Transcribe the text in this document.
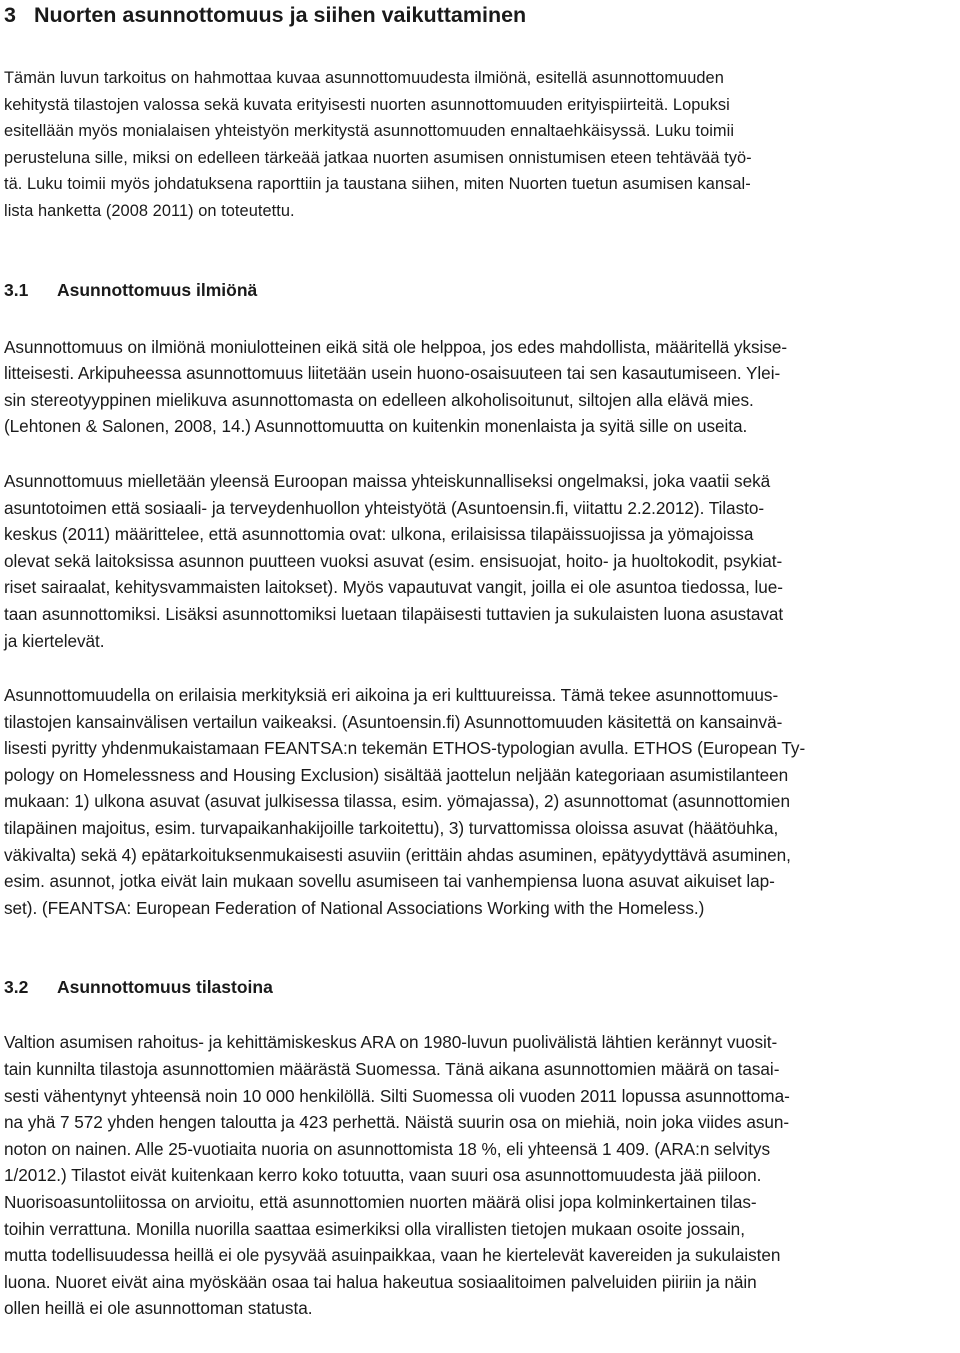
3 Nuorten asunnottomuus ja siihen vaikuttaminen
Tämän luvun tarkoitus on hahmottaa kuvaa asunnottomuudesta ilmiönä, esitellä asunnottomuuden
kehitystä tilastojen valossa sekä kuvata erityisesti nuorten asunnottomuuden erityispiirteitä. Lopuksi
esitellään myös monialaisen yhteistyön merkitystä asunnottomuuden ennaltaehkäisyssä. Luku toimii
perusteluna sille, miksi on edelleen tärkeää jatkaa nuorten asumisen onnistumisen eteen tehtävää työ-
tä. Luku toimii myös johdatuksena raporttiin ja taustana siihen, miten Nuorten tuetun asumisen kansal-
lista hanketta (2008 2011) on toteutettu.
3.1 Asunnottomuus ilmiönä
Asunnottomuus on ilmiönä moniulotteinen eikä sitä ole helppoa, jos edes mahdollista, määritellä yksise-
litteisesti. Arkipuheessa asunnottomuus liitetään usein huono-osaisuuteen tai sen kasautumiseen. Ylei-
sin stereotyyppinen mielikuva asunnottomasta on edelleen alkoholisoitunut, siltojen alla elävä mies.
(Lehtonen & Salonen, 2008, 14.) Asunnottomuutta on kuitenkin monenlaista ja syitä sille on useita.
Asunnottomuus mielletään yleensä Euroopan maissa yhteiskunnalliseksi ongelmaksi, joka vaatii sekä
asuntotoimen että sosiaali- ja terveydenhuollon yhteistyötä (Asuntoensin.fi, viitattu 2.2.2012). Tilasto-
keskus (2011) määrittelee, että asunnottomia ovat: ulkona, erilaisissa tilapäissuojissa ja yömajoissa
olevat sekä laitoksissa asunnon puutteen vuoksi asuvat (esim. ensisuojat, hoito- ja huoltokodit, psykiat-
riset sairaalat, kehitysvammaisten laitokset). Myös vapautuvat vangit, joilla ei ole asuntoa tiedossa, lue-
taan asunnottomiksi. Lisäksi asunnottomiksi luetaan tilapäisesti tuttavien ja sukulaisten luona asustavat
ja kiertelevät.
Asunnottomuudella on erilaisia merkityksiä eri aikoina ja eri kulttuureissa. Tämä tekee asunnottomuus-
tilastojen kansainvälisen vertailun vaikeaksi. (Asuntoensin.fi) Asunnottomuuden käsitettä on kansainvä-
lisesti pyritty yhdenmukaistamaan FEANTSA:n tekemän ETHOS-typologian avulla. ETHOS (European Ty-
pology on Homelessness and Housing Exclusion) sisältää jaottelun neljään kategoriaan asumistilanteen
mukaan: 1) ulkona asuvat (asuvat julkisessa tilassa, esim. yömajassa), 2) asunnottomat (asunnottomien
tilapäinen majoitus, esim. turvapaikanhakijoille tarkoitettu), 3) turvattomissa oloissa asuvat (häätöuhka,
väkivalta) sekä 4) epätarkoituksenmukaisesti asuviin (erittäin ahdas asuminen, epätyydyttävä asuminen,
esim. asunnot, jotka eivät lain mukaan sovellu asumiseen tai vanhempiensa luona asuvat aikuiset lap-
set). (FEANTSA: European Federation of National Associations Working with the Homeless.)
3.2 Asunnottomuus tilastoina
Valtion asumisen rahoitus- ja kehittämiskeskus ARA on 1980-luvun puolivälistä lähtien kerännyt vuosit-
tain kunnilta tilastoja asunnottomien määrästä Suomessa. Tänä aikana asunnottomien määrä on tasai-
sesti vähentynyt yhteensä noin 10 000 henkilöllä. Silti Suomessa oli vuoden 2011 lopussa asunnottoma-
na yhä 7 572 yhden hengen taloutta ja 423 perhettä. Näistä suurin osa on miehiä, noin joka viides asun-
noton on nainen. Alle 25-vuotiaita nuoria on asunnottomista 18 %, eli yhteensä 1 409. (ARA:n selvitys
1/2012.) Tilastot eivät kuitenkaan kerro koko totuutta, vaan suuri osa asunnottomuudesta jää piiloon.
Nuorisoasuntoliitossa on arvioitu, että asunnottomien nuorten määrä olisi jopa kolminkertainen tilas-
toihin verrattuna. Monilla nuorilla saattaa esimerkiksi olla virallisten tietojen mukaan osoite jossain,
mutta todellisuudessa heillä ei ole pysyvää asuinpaikkaa, vaan he kiertelevät kavereiden ja sukulaisten
luona. Nuoret eivät aina myöskään osaa tai halua hakeutua sosiaalitoimen palveluiden piiriin ja näin
ollen heillä ei ole asunnottoman statusta.
